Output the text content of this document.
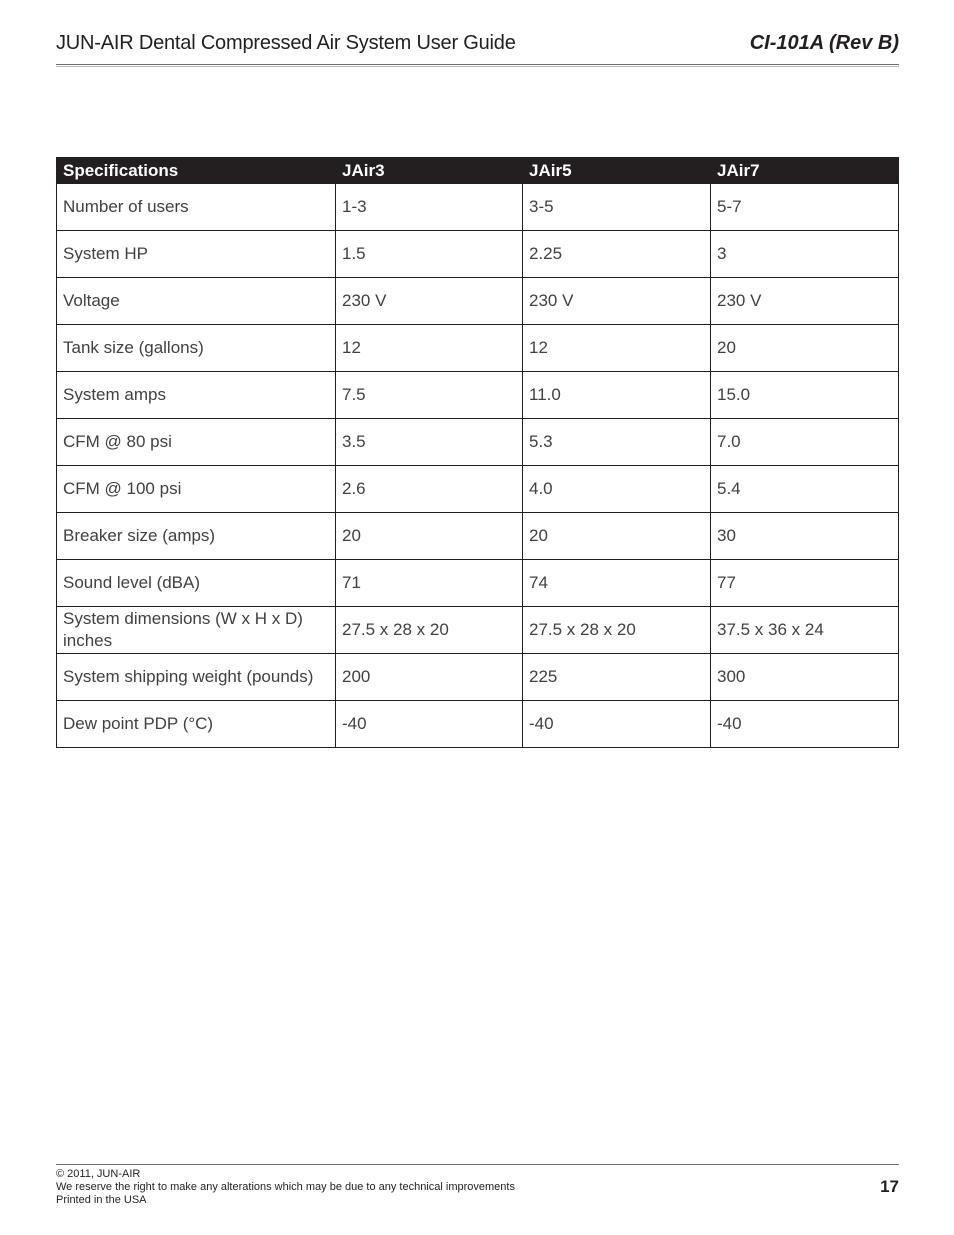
JUN-AIR Dental Compressed Air System User Guide	CI-101A (Rev B)
Specifications	JAir3	JAir5	JAir7
Number of users	1-3	3-5	5-7
System HP	1.5	2.25	3
Voltage	230 V	230 V	230 V
Tank size (gallons)	12	12	20
System amps	7.5	11.0	15.0
CFM @ 80 psi	3.5	5.3	7.0
CFM @ 100 psi	2.6	4.0	5.4
Breaker size (amps)	20	20	30
Sound level (dBA)	71	74	77
System dimensions (W x H x D) inches	27.5 x 28 x 20	27.5 x 28 x 20	37.5 x 36 x 24
System shipping weight (pounds)	200	225	300
Dew point PDP (°C)	-40	-40	-40
© 2011, JUN-AIR
We reserve the right to make any alterations which may be due to any technical improvements
Printed in the USA
17
